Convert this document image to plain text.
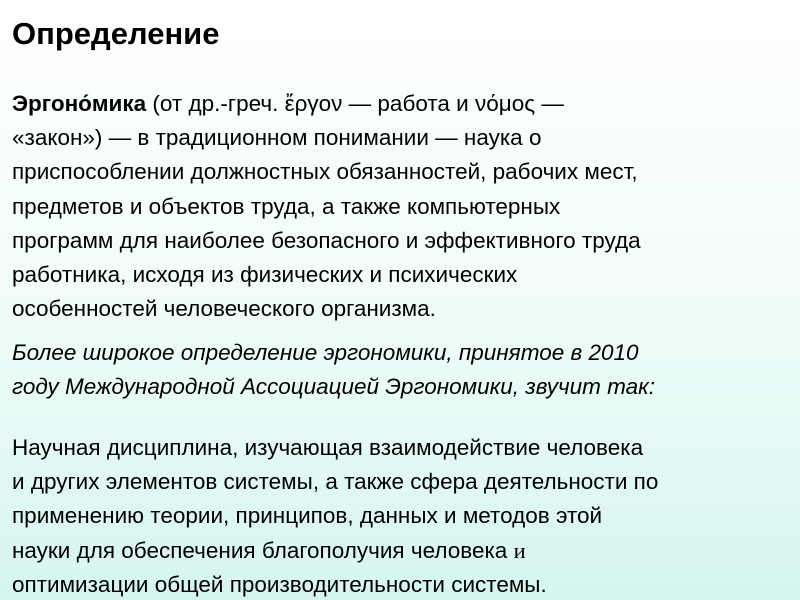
Определение

Эргоно́мика (от др.-греч. ἔργον — работа и νόμος —
«закон») — в традиционном понимании — наука о
приспособлении должностных обязанностей, рабочих мест,
предметов и объектов труда, а также компьютерных
программ для наиболее безопасного и эффективного труда
работника, исходя из физических и психических
особенностей человеческого организма.

Более широкое определение эргономики, принятое в 2010
году Международной Ассоциацией Эргономики, звучит так:

Научная дисциплина, изучающая взаимодействие человека
и других элементов системы, а также сфера деятельности по
применению теории, принципов, данных и методов этой
науки для обеспечения благополучия человека и
оптимизации общей производительности системы.
